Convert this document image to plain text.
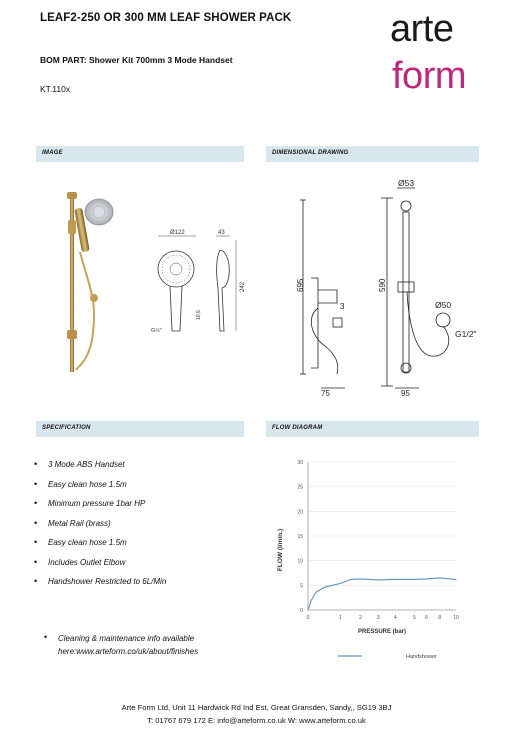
LEAF2-250 OR 300 MM LEAF SHOWER PACK
BOM PART: Shower Kit 700mm 3 Mode Handset
KT.110x
arte
form
IMAGE	DIMENSIONAL DRAWING
SPECIFICATION	FLOW DIAGRAM
Ø122
G½"
10,5
43
242	695
3
75
590
Ø53
Ø50
G1/2"
95
• 3 Mode ABS Handset
• Easy clean hose 1.5m
• Minimum pressure 1bar HP
• Metal Rail (brass)
• Easy clean hose 1.5m
• Includes Outlet Elbow
• Handshower Restricted to 6L/Min
• Cleaning & maintenance info available
here:www.arteform.co/uk/about/finishes
0
5
10
15
20
25
30
0	1	2	3	4	5 6 8 10
PRESSURE (bar)
FLOW (l/min.)
Handshower
Arte Form Ltd, Unit 11 Hardwick Rd Ind Est, Great Gransden, Sandy,, SG19 3BJ
T: 01767 679 172 E: info@arteform.co.uk W: www.arteform.co.uk
